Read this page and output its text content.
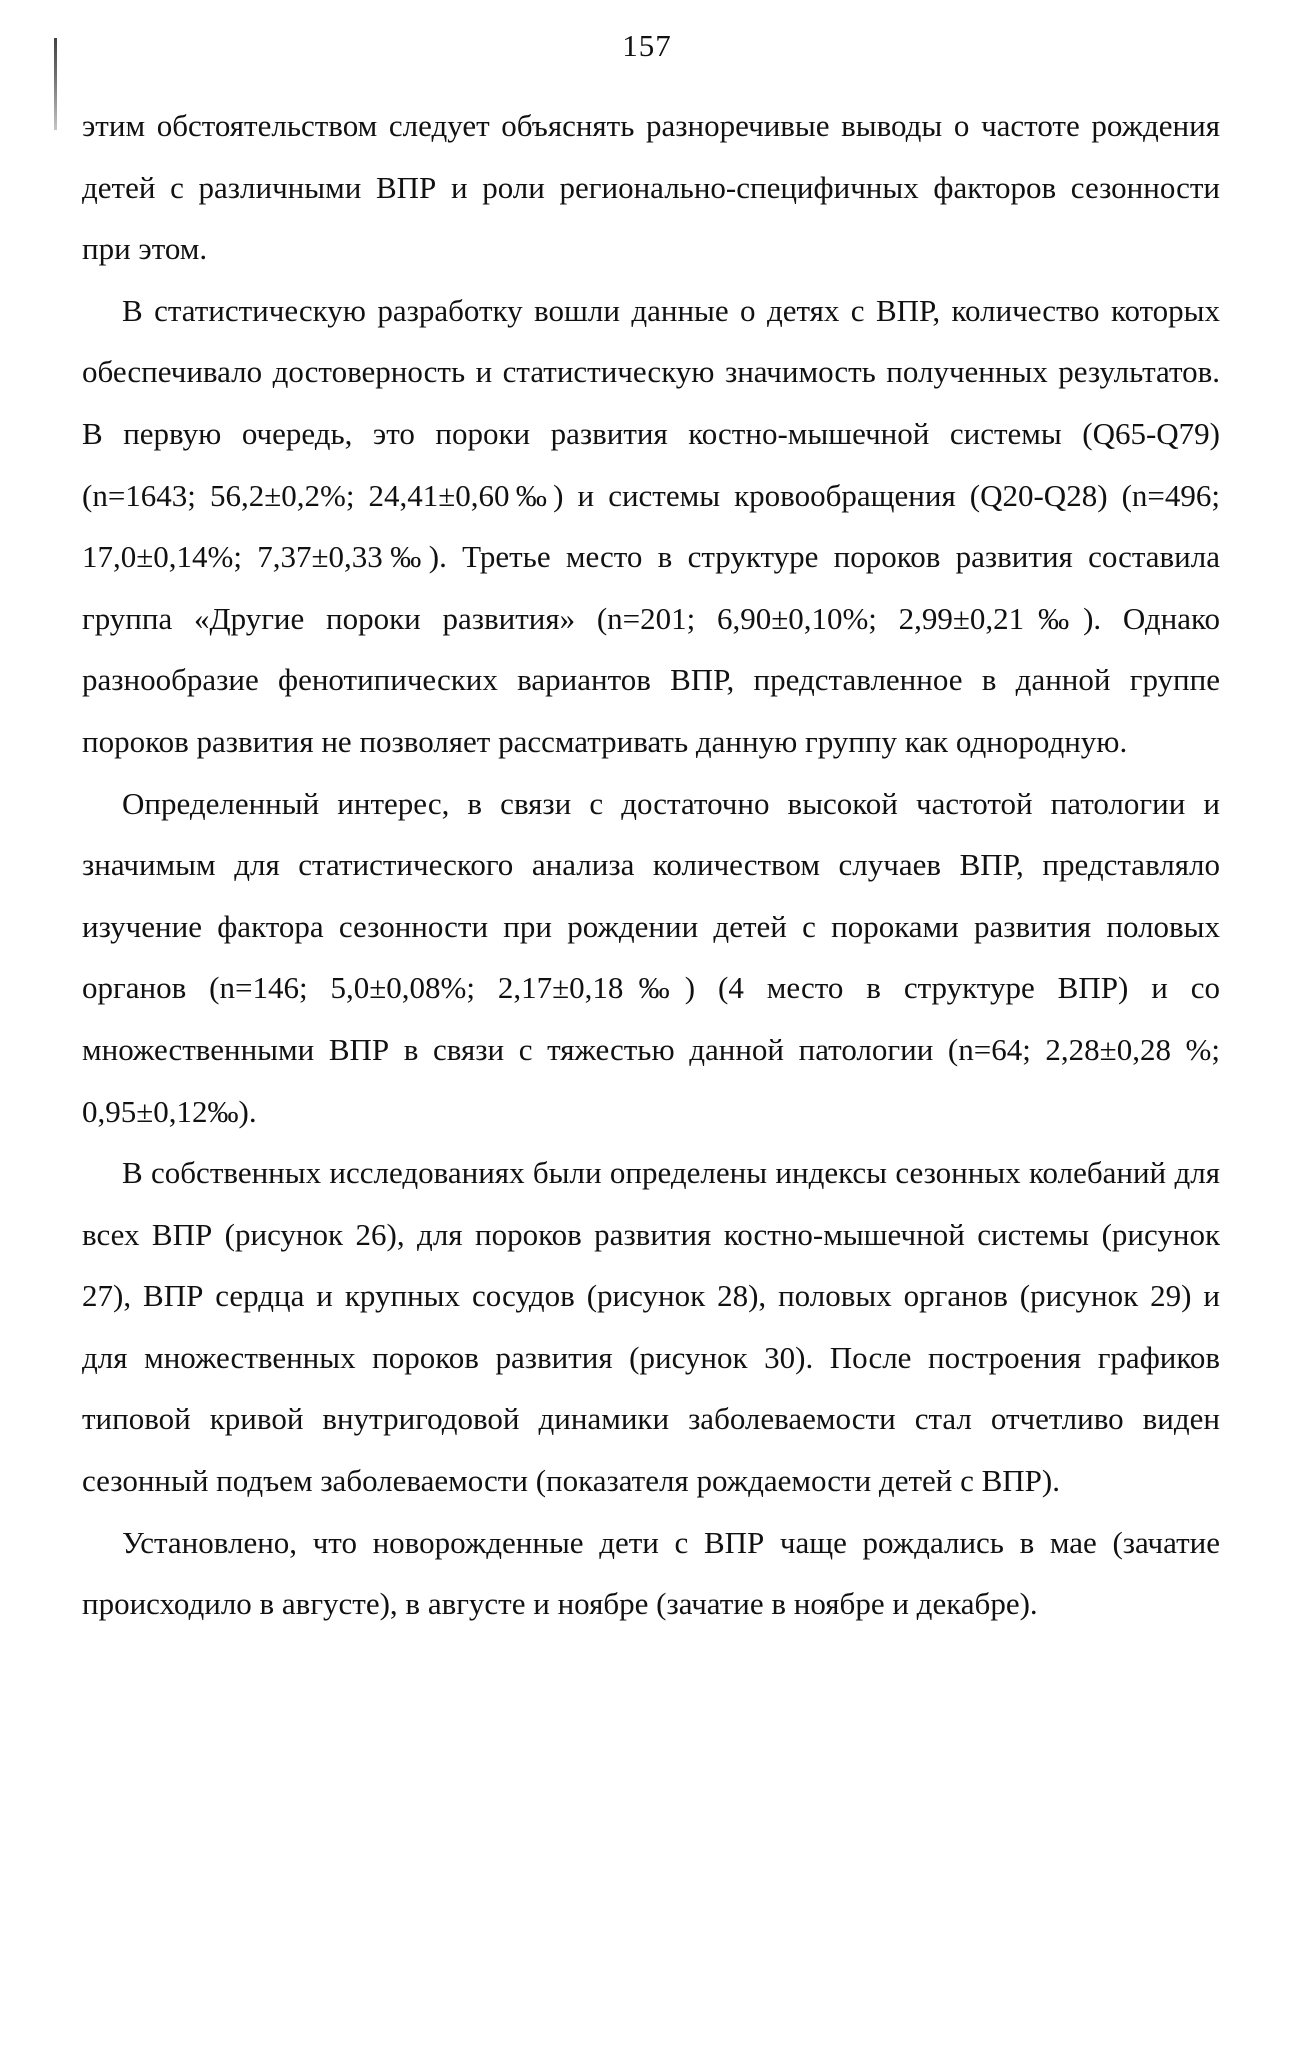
157

этим обстоятельством следует объяснять разноречивые выводы о частоте рождения детей с различными ВПР и роли регионально-специфичных факторов сезонности при этом.

В статистическую разработку вошли данные о детях с ВПР, количество которых обеспечивало достоверность и статистическую значимость полученных результатов. В первую очередь, это пороки развития костно-мышечной системы (Q65-Q79) (n=1643; 56,2±0,2%; 24,41±0,60‰) и системы кровообращения (Q20-Q28) (n=496; 17,0±0,14%; 7,37±0,33‰). Третье место в структуре пороков развития составила группа «Другие пороки развития» (n=201; 6,90±0,10%; 2,99±0,21‰). Однако разнообразие фенотипических вариантов ВПР, представленное в данной группе пороков развития не позволяет рассматривать данную группу как однородную.

Определенный интерес, в связи с достаточно высокой частотой патологии и значимым для статистического анализа количеством случаев ВПР, представляло изучение фактора сезонности при рождении детей с пороками развития половых органов (n=146; 5,0±0,08%; 2,17±0,18‰) (4 место в структуре ВПР) и со множественными ВПР в связи с тяжестью данной патологии (n=64; 2,28±0,28 %; 0,95±0,12‰).

В собственных исследованиях были определены индексы сезонных колебаний для всех ВПР (рисунок 26), для пороков развития костно-мышечной системы (рисунок 27), ВПР сердца и крупных сосудов (рисунок 28), половых органов (рисунок 29) и для множественных пороков развития (рисунок 30). После построения графиков типовой кривой внутригодовой динамики заболеваемости стал отчетливо виден сезонный подъем заболеваемости (показателя рождаемости детей с ВПР).

Установлено, что новорожденные дети с ВПР чаще рождались в мае (зачатие происходило в августе), в августе и ноябре (зачатие в ноябре и декабре).
